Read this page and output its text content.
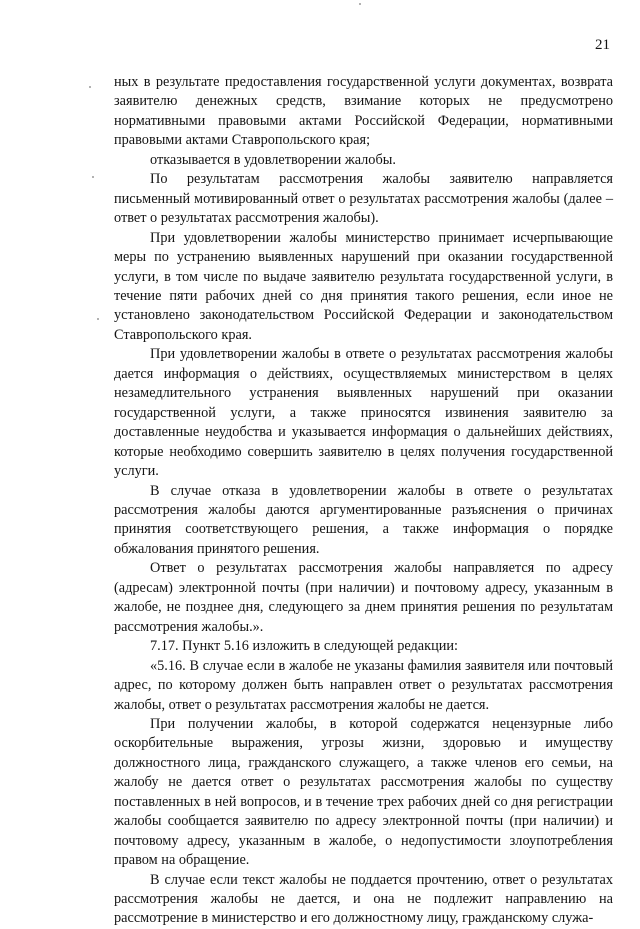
21

ных в результате предоставления государственной услуги документах, возврата заявителю денежных средств, взимание которых не предусмотрено нормативными правовыми актами Российской Федерации, нормативными правовыми актами Ставропольского края;

отказывается в удовлетворении жалобы.

По результатам рассмотрения жалобы заявителю направляется письменный мотивированный ответ о результатах рассмотрения жалобы (далее – ответ о результатах рассмотрения жалобы).

При удовлетворении жалобы министерство принимает исчерпывающие меры по устранению выявленных нарушений при оказании государственной услуги, в том числе по выдаче заявителю результата государственной услуги, в течение пяти рабочих дней со дня принятия такого решения, если иное не установлено законодательством Российской Федерации и законодательством Ставропольского края.

При удовлетворении жалобы в ответе о результатах рассмотрения жалобы дается информация о действиях, осуществляемых министерством в целях незамедлительного устранения выявленных нарушений при оказании государственной услуги, а также приносятся извинения заявителю за доставленные неудобства и указывается информация о дальнейших действиях, которые необходимо совершить заявителю в целях получения государственной услуги.

В случае отказа в удовлетворении жалобы в ответе о результатах рассмотрения жалобы даются аргументированные разъяснения о причинах принятия соответствующего решения, а также информация о порядке обжалования принятого решения.

Ответ о результатах рассмотрения жалобы направляется по адресу (адресам) электронной почты (при наличии) и почтовому адресу, указанным в жалобе, не позднее дня, следующего за днем принятия решения по результатам рассмотрения жалобы.».

7.17. Пункт 5.16 изложить в следующей редакции:

«5.16. В случае если в жалобе не указаны фамилия заявителя или почтовый адрес, по которому должен быть направлен ответ о результатах рассмотрения жалобы, ответ о результатах рассмотрения жалобы не дается.

При получении жалобы, в которой содержатся нецензурные либо оскорбительные выражения, угрозы жизни, здоровью и имуществу должностного лица, гражданского служащего, а также членов его семьи, на жалобу не дается ответ о результатах рассмотрения жалобы по существу поставленных в ней вопросов, и в течение трех рабочих дней со дня регистрации жалобы сообщается заявителю по адресу электронной почты (при наличии) и почтовому адресу, указанным в жалобе, о недопустимости злоупотребления правом на обращение.

В случае если текст жалобы не поддается прочтению, ответ о результатах рассмотрения жалобы не дается, и она не подлежит направлению на рассмотрение в министерство и его должностному лицу, гражданскому служа-
